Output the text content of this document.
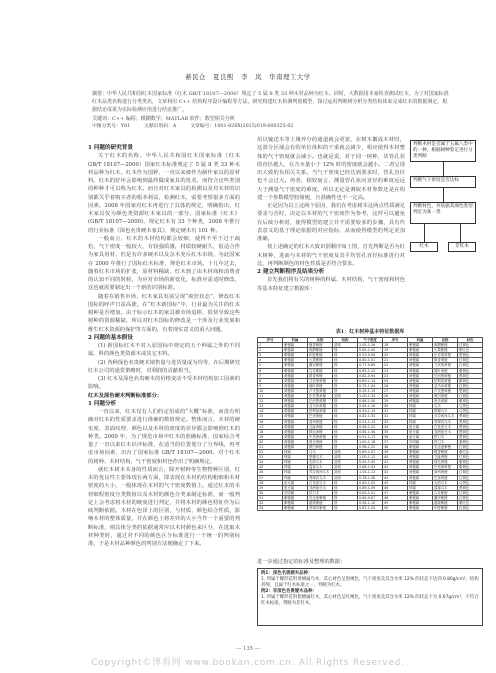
綦民仓　夏良熙　李　岚　华南理工大学

摘要：中华人民共和国红木国家标准（红木 GB/T 18107—2000）规定了 5 属 8 类 33 种木材品种为红木。同时，大数据用本家检查测试红木。为了对国家标准红木品类名称进行分类类名，文章利用 C++ 结构程序设计编程等方法，研究构建红木检测判别模型，探讨运用判断树分析分类结构体来完成红木的数据测定，根据结论成果为实际检测应用进行结论推广。

关键词：C++ 编程；模糊数学；MATLAB 软件；数型相关分析

中图分类号：Y81	文献识别码：A	文章编号：1001-828X(2015)019-000325-02
1 问题的研究背景

关于红木的名称，中华人民共和国红木国家标准（红木 GB/T 18107—2000）国家红木标准规定了 5 属 8 类 33 种木材品种为红木。红木作为国粹，一直以来被作为制作家具的原材料。红木的好坏会影响到最终做成家具的优劣。而符合这些类别的种种才可以称为红木。而且对红木家具的检测以及对木材的识别都关乎着购买者的根本利益，检测红木，需要考察很多方面的因素。2008 年国家对红木再进行了具体的规定，明确指出，红木家具仅为颜色类资源红木家具的一部分。国家标准《红木》(GB/T 18107—2000)，规定红木有 33 个种类，2008 年推行的行业标准《深色名贵硬木家具》，规定硬木有 101 种。

一般而言，红木的木材结构都会较细，使得不至于过于疏松，气干密度一般较大，有较强质感，材质较硬耐久，很适合作为家具用材。但是有许多硬木以及杂木充斥红木市场，为此国家在 2000 年推行了国标红木标准，规范红木市场。十几年过去，随着红木市场的扩张，原材料稀缺，红木到了由木材商和消费者的认知不同的时候，为应对市场的新变化，标准应需适时修改，这也就需要制定出一个新的识别标准。

随着在销售市场，红木家具发展呈现“疯狂状态”，修改红木国标的呼声日益高涨。在“红木新国标”中，行业最为关注的红木树种是否增加。由于标示红木的家具被市场追捧，很快导致这些树种的资源稀缺，所以对红木国标的修改是一个涉及行业发展和维生红木资源的保护等方面的，有着现实意义的重大问题。

2 问题的基本假设

(1) 新国标红木不对入原国标中规定的五个种属之外的不同属、科的颜色类资源木或其它木料。

(2) 各种深色名贵硬木销售量与进货量成为均等，在后期研究红木公司的通货策略时，对利润的贡献相当。

(3) 红木及深色名贵硬木的价格变动不受木材结构加工因素的影响。

红木及深色硬木判断标准部分：

1 问题分析

一直以来，红木仅有人们约定俗成的“大概”标准，而没有明确对红木的性质要求进行准确的数值规定。整体而言，木材的硬实度、表面纹理、颜色以及木材的密度的差异都会影响到红木的种类。2000 年，为了规范市场中红木的准确标准，国家综合考量了一直以来红木识评标准，在适当的位置划分了分界线，再考虑市场因素，出台了国家标准 GB/T 18107—2000。对于红木的树种、木材结构、气干密度和材色作出了明确规定。

就红木树木本身的性质而言，除开树种等生物物种区别，红木的优良性主要体现在两方面，即表现在木材的结构粗细和木材密度的大小，一般体现在木材的气干密度数值上。通过红木的木材细程密度分类数值以及木材的颜色分类来制定标准，而一般判定上会考虑将木材的硬度进行判定，并将木材的颜色特征作为后续判断依据。木材在色泽上的区别，与材质、颜色综合性质，影响木材的整体质量，并在颜色上将差异的大小当作一个重要的判断标准，则具体分类的依据通常应以木材颜色来区分，在选取木材种类时，通过对不同的颜色区分标准进行一个统一的判别标准，于是木材品种颜色的判别方法便确定了下来。

用以输送木等土壤养分的通道就会更宽，在树木徽成木材时，这部分区域会有的单位体积的干重就会减少，相应使得木材整体的气干密度就会减小。也就是说，对于同一树种，其管孔状的直径越大，在含水量小于 12% 时的密度就会越小。二者呈现出大致的负相关关系。当气干密度已经达到要求时，管孔直径也不会过大。再者，相较而言，测量管孔弦向直径的难度远远大于测量气干密度的难度。所以无论是测取木材参数还是在构建一个参数模型较简便，且准确性也不一定高。

正是因为以上这两个原因，我们在考虑树木这两点性质满足要求与否时，决定以木材的气干密度作为参考，这样可以避免在后续分析时，使得模型的建立并不需要较多的步骤，具有代表意义的基于理论依据的对应指标，从而使得模型的判定更加准确。

按上述确定的红木大致识别顺序如上图，首先判断是否为红木树种，进而与木材的气干密度及其平均管孔直径标准进行对比，再判断颜色的材色性质是否符合要求。

2 建立判断程序及结果分析

首先我们将有关的树种的科属、木材结构、气干密度和材色等基本特征建立数据库：

判断木材是否属于五属八类中的一种，根据树种鉴定进行分类判断
判断气干密度是否达标
判断材色，并依据其颜色类型判定为某一类
红木	非红木
表1：红木树种基本特征数据库
序号	科属	名称	结构	气干密度	序号	科属	名称	材色
1	紫檀属	檀香紫檀	甚细	1.05-1.26	18	紫檀属	刺猬紫檀	红褐色
2	紫檀属	刺猬紫檀	细	0.85-1.00	19	紫檀属	大果紫檀	紫红色
3	紫檀属	印度紫檀	细	0.53-0.94	20	黄檀属	东非黑黄檀	黑褐色
4	紫檀属	大果紫檀	细	0.80-1.01	21	黄檀属	降香黄檀	红褐色
5	紫檀属	囊状紫檀	细	0.77-0.89	22	黄檀属	刀状黑黄檀	红褐色
6	紫檀属	鸟足紫檀	细	0.85-1.12	23	黄檀属	阔叶黄檀	紫褐色
7	黄檀属	降香黄檀	细	0.82-0.94	24	黄檀属	巴西黑黄檀	黑褐色
8	黄檀属	刀状黑黄檀	细	0.89-1.14	25	黄檀属	伯利兹黄檀	紫褐色
9	黄檀属	阔叶黄檀	细	0.75-1.04	26	黄檀属	亚马孙黄檀	红褐色
10	黄檀属	卢氏黑黄檀	细	0.95-1.15	27	黄檀属	卢氏黑黄檀	黑褐色
11	黄檀属	东非黑黄檀	甚细	1.00-1.33	28	黄檀属	微凹黄檀	红褐色
12	黄檀属	巴西黑黄檀	细	0.86-1.00	29	黄檀属	奥氏黄檀	紫褐色
13	黄檀属	亚马孙黄檀	细	0.94-1.10	30	柿属	乌木	乌黑色
14	黄檀属	伯利兹黄檀	细	0.93-1.19	31	柿属	厚瓣乌木	乌黑色
15	黄檀属	巴里黄檀	细	0.82-1.03	32	柿属	苏拉威西乌木	黑褐色
16	黄檀属	赛州黄檀	细	0.91-1.13	33	柿属	菲律宾乌木	黑褐色
17	黄檀属	交趾黄檀	细	0.98-1.22	34	崖豆属	白花崖豆木	黑褐色
18	黄檀属	绒毛黄檀	细	0.84-1.08	35	崖豆属	非洲崖豆木	黑褐色
19	黄檀属	中美洲黄檀	细	0.91-1.17	36	崖豆属	铁刀木	黑褐色
20	黄檀属	奥氏黄檀	细	1.00-1.18	37	决明属	铁刀木	栗褐色
21	黄檀属	微凹黄檀	细	0.98-1.22	38	紫檀属	安达曼紫檀	红褐色
22	柿属	乌木	甚细	0.89-1.07	39	紫檀属	檀香紫檀	紫红色
23	柿属	厚瓣乌木	甚细	1.00-1.12	40	黄檀属	交趾黄檀	红褐色
24	柿属	毛药乌木	甚细	0.92-1.05	41	黄檀属	绒毛黄檀	紫褐色
25	柿属	蓬塞乌木	甚细	0.88-1.03	42	黄檀属	中美洲黄檀	紫褐色
26	柿属	苏拉威西乌木	甚细	1.04-1.12	43	黄檀属	赛州黄檀	红褐色
27	柿属	菲律宾乌木	甚细	0.78-1.06	44	黄檀属	巴里黄檀	红褐色
28	崖豆属	白花崖豆木	细	0.80-1.02	45	柿属	毛药乌木	乌黑色
29	崖豆属	非洲崖豆木	细	0.89-1.09	46	柿属	蓬塞乌木	黑褐色
30	决明属	铁刀木	细	0.63-1.01	47	紫檀属	鸟足紫檀	红褐色
31	紫檀属	安达曼紫檀	细	0.69-0.87	48	紫檀属	囊状紫檀	红褐色
32	紫檀属	越柬紫檀	细	0.94-1.10	49	紫檀属	越柬紫檀	紫红色
33	紫檀属	菲律宾紫檀	细	0.87-1.04	50	紫檀属	印度紫檀	红褐色
进一步通过指定的标准及整理的数据：
例1：深色名贵硬木品种：
1. 所属于蝶形花科黄檀属乌木，其心材色呈黑褐色，气干密度及其含水率 12% 的状态下达到 0.80g/cm³，结构甚细，且属于红木标准之一，判断为红木。
例2：非深色名贵硬木品种：
1. 所属于蝶形花科紫檀属红木，其心材色呈红褐色，气干密度及其含水率 12% 的状态下为 0.67g/cm³，不符合红木标准，判断为非红木。
— 135 —
Copyright©博看网 www.bookan.com.cn. All Rights Reserved.
